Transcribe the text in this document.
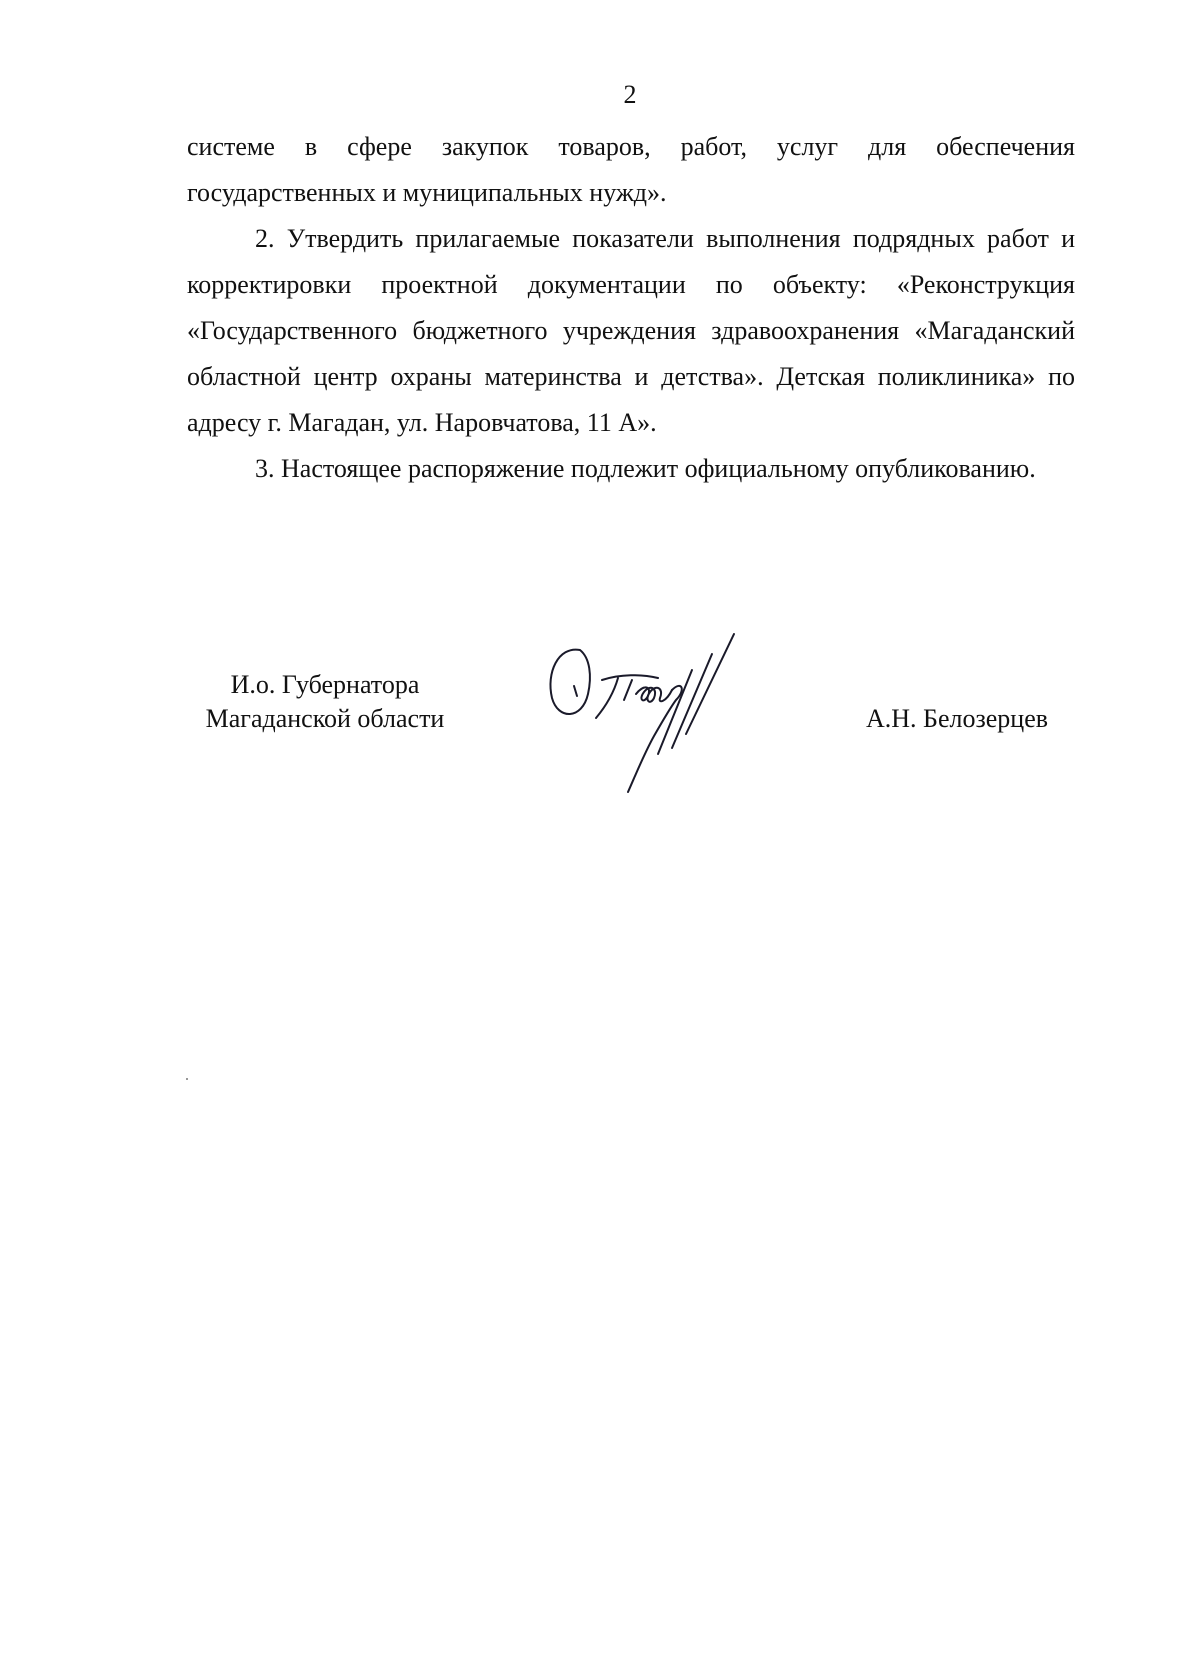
2

системе в сфере закупок товаров, работ, услуг для обеспечения государственных и муниципальных нужд».

2. Утвердить прилагаемые показатели выполнения подрядных работ и корректировки проектной документации по объекту: «Реконструкция «Государственного бюджетного учреждения здравоохранения «Магаданский областной центр охраны материнства и детства». Детская поликлиника» по адресу г. Магадан, ул. Наровчатова, 11 А».

3. Настоящее распоряжение подлежит официальному опубликованию.

И.о. Губернатора
Магаданской области	А.Н. Белозерцев
